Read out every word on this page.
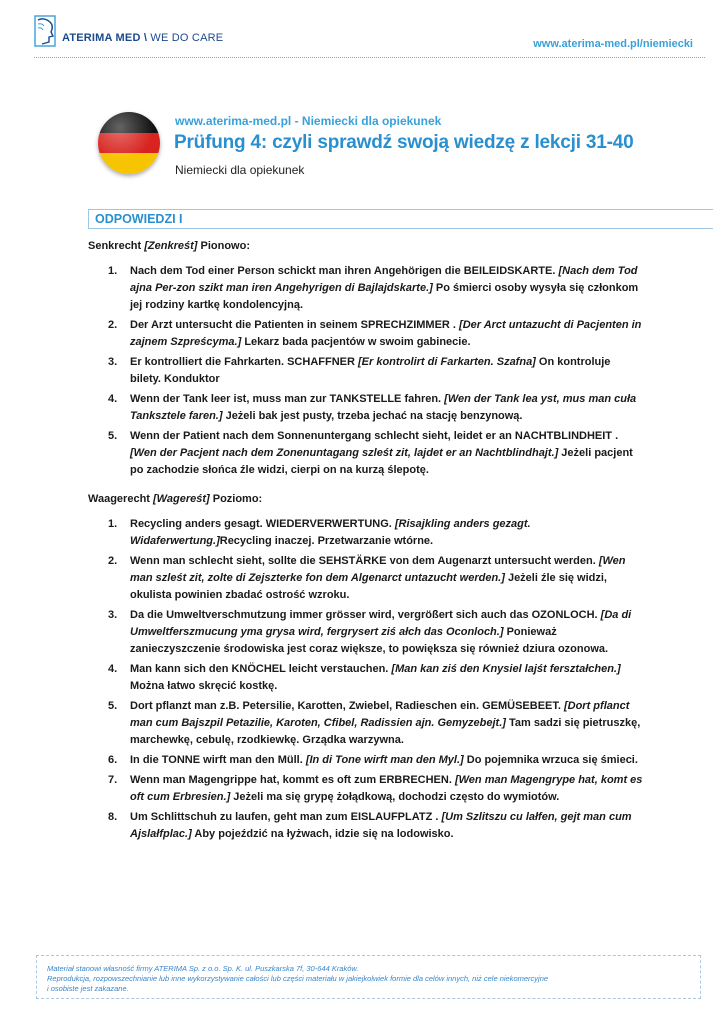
ATERIMA MED \ WE DO CARE	www.aterima-med.pl/niemiecki
www.aterima-med.pl - Niemiecki dla opiekunek
Prüfung 4: czyli sprawdź swoją wiedzę z lekcji 31-40
Niemiecki dla opiekunek
ODPOWIEDZI I
Senkrecht [Zenkreśt] Pionowo:
1. Nach dem Tod einer Person schickt man ihren Angehörigen die BEILEIDSKARTE. [Nach dem Tod ajna Per-zon szikt man iren Angehyrigen di Bajlajdskarte.] Po śmierci osoby wysyła się członkom jej rodziny kartkę kondolencyjną.
2. Der Arzt untersucht die Patienten in seinem SPRECHZIMMER . [Der Arct untazucht di Pacjenten in zajnem Szpreścyma.] Lekarz bada pacjentów w swoim gabinecie.
3. Er kontrolliert die Fahrkarten. SCHAFFNER [Er kontrolirt di Farkarten. Szafna] On kontroluje bilety. Konduktor
4. Wenn der Tank leer ist, muss man zur TANKSTELLE fahren. [Wen der Tank lea yst, mus man cuła Tanksztele faren.] Jeżeli bak jest pusty, trzeba jechać na stację benzynową.
5. Wenn der Patient nach dem Sonnenuntergang schlecht sieht, leidet er an NACHTBLINDHEIT . [Wen der Pacjent nach dem Zonenuntagang szleśt zit, lajdet er an Nachtblindhajt.] Jeżeli pacjent po zachodzie słońca źle widzi, cierpi on na kurzą ślepotę.
Waagerecht [Wagereśt] Poziomo:
1. Recycling anders gesagt. WIEDERVERWERTUNG. [Risajkling anders gezagt. Widaferwertung.]Recycling inaczej. Przetwarzanie wtórne.
2. Wenn man schlecht sieht, sollte die SEHSTÄRKE von dem Augenarzt untersucht werden. [Wen man szleśt zit, zolte di Zejszterke fon dem Algenarct untazucht werden.] Jeżeli źle się widzi, okulista powinien zbadać ostrość wzroku.
3. Da die Umweltverschmutzung immer grösser wird, vergrößert sich auch das OZONLOCH. [Da di Umweltferszmucung yma grysa wird, fergrysert ziś ałch das Oconloch.] Ponieważ zanieczyszczenie środowiska jest coraz większe, to powiększa się również dziura ozonowa.
4. Man kann sich den KNÖCHEL leicht verstauchen. [Man kan ziś den Knysiel lajśt ferształchen.] Można łatwo skręcić kostkę.
5. Dort pflanzt man z.B. Petersilie, Karotten, Zwiebel, Radieschen ein. GEMÜSEBEET. [Dort pflanct man cum Bajszpil Petazilie, Karoten, Cfibel, Radissien ajn. Gemyzebejt.] Tam sadzi się pietruszkę, marchewkę, cebulę, rzodkiewkę. Grządka warzywna.
6. In die TONNE wirft man den Müll. [In di Tone wirft man den Myl.] Do pojemnika wrzuca się śmieci.
7. Wenn man Magengrippe hat, kommt es oft zum ERBRECHEN. [Wen man Magengrype hat, komt es oft cum Erbresien.] Jeżeli ma się grypę żołądkową, dochodzi często do wymiotów.
8. Um Schlittschuh zu laufen, geht man zum EISLAUFPLATZ . [Um Szlitszu cu lałfen, gejt man cum Ajslałfplac.] Aby pojeździć na łyżwach, idzie się na lodowisko.
Materiał stanowi własność firmy ATERIMA Sp. z o.o. Sp. K. ul. Puszkarska 7f, 30-644 Kraków.
Reprodukcja, rozpowszechnianie lub inne wykorzystywanie całości lub części materiału w jakiejkolwiek formie dla celów innych, niż cele niekomercyjne
i osobiste jest zakazane.
